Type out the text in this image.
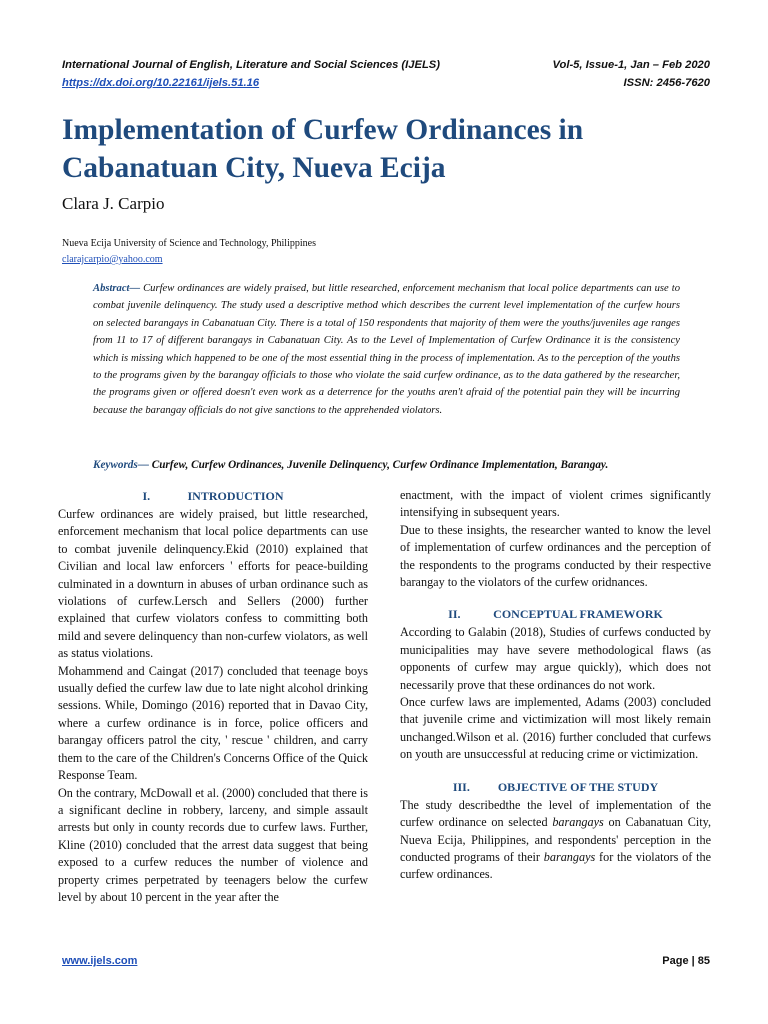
International Journal of English, Literature and Social Sciences (IJELS)
https://dx.doi.org/10.22161/ijels.51.16
Vol-5, Issue-1, Jan – Feb 2020
ISSN: 2456-7620
Implementation of Curfew Ordinances in Cabanatuan City, Nueva Ecija
Clara J. Carpio
Nueva Ecija University of Science and Technology, Philippines
clarajcarpio@yahoo.com

Abstract— Curfew ordinances are widely praised, but little researched, enforcement mechanism that local police departments can use to combat juvenile delinquency. The study used a descriptive method which describes the current level implementation of the curfew hours on selected barangays in Cabanatuan City. There is a total of 150 respondents that majority of them were the youths/juveniles age ranges from 11 to 17 of different barangays in Cabanatuan City. As to the Level of Implementation of Curfew Ordinance it is the consistency which is missing which happened to be one of the most essential thing in the process of implementation. As to the perception of the youths to the programs given by the barangay officials to those who violate the said curfew ordinance, as to the data gathered by the researcher, the programs given or offered doesn't even work as a deterrence for the youths aren't afraid of the potential pain they will be incurring because the barangay officials do not give sanctions to the apprehended violators.

Keywords— Curfew, Curfew Ordinances, Juvenile Delinquency, Curfew Ordinance Implementation, Barangay.

I.	INTRODUCTION

Curfew ordinances are widely praised, but little researched, enforcement mechanism that local police departments can use to combat juvenile delinquency.Ekid (2010) explained that Civilian and local law enforcers ' efforts for peace-building culminated in a downturn in abuses of urban ordinance such as violations of curfew.Lersch and Sellers (2000) further explained that curfew violators confess to committing both mild and severe delinquency than non-curfew violators, as well as status violations.

Mohammend and Caingat (2017) concluded that teenage boys usually defied the curfew law due to late night alcohol drinking sessions. While, Domingo (2016) reported that in Davao City, where a curfew ordinance is in force, police officers and barangay officers patrol the city, ' rescue ' children, and carry them to the care of the Children's Concerns Office of the Quick Response Team.

On the contrary, McDowall et al. (2000) concluded that there is a significant decline in robbery, larceny, and simple assault arrests but only in county records due to curfew laws. Further, Kline (2010) concluded that the arrest data suggest that being exposed to a curfew reduces the number of violence and property crimes perpetrated by teenagers below the curfew level by about 10 percent in the year after the

enactment, with the impact of violent crimes significantly intensifying in subsequent years.

Due to these insights, the researcher wanted to know the level of implementation of curfew ordinances and the perception of the respondents to the programs conducted by their respective barangay to the violators of the curfew oridnances.

II.	CONCEPTUAL FRAMEWORK

According to Galabin (2018), Studies of curfews conducted by municipalities may have severe methodological flaws (as opponents of curfew may argue quickly), which does not necessarily prove that these ordinances do not work.

Once curfew laws are implemented, Adams (2003) concluded that juvenile crime and victimization will most likely remain unchanged.Wilson et al. (2016) further concluded that curfews on youth are unsuccessful at reducing crime or victimization.

III. OBJECTIVE OF THE STUDY

The study describedthe the level of implementation of the curfew ordinance on selected barangays on Cabanatuan City, Nueva Ecija, Philippines, and respondents' perception in the conducted programs of their barangays for the violators of the curfew ordinances.

www.ijels.com	Page | 85
